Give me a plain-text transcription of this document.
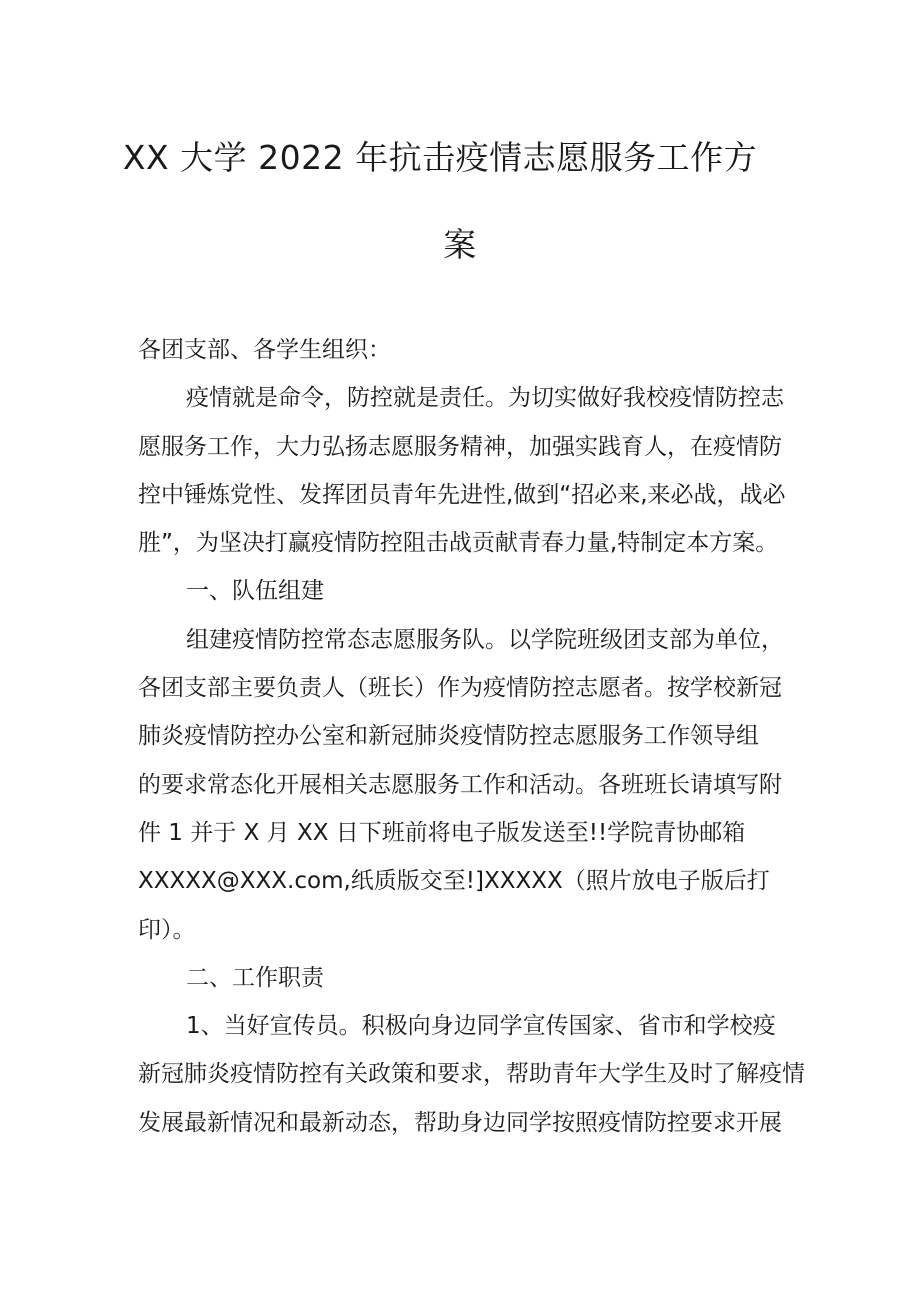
XX 大学 2022 年抗击疫情志愿服务工作方
案
各团支部、各学生组织：
疫情就是命令，防控就是责任。为切实做好我校疫情防控志
愿服务工作，大力弘扬志愿服务精神，加强实践育人，在疫情防
控中锤炼党性、发挥团员青年先进性,做到“招必来,来必战，战必
胜”，为坚决打赢疫情防控阻击战贡献青春力量,特制定本方案。
一、队伍组建
组建疫情防控常态志愿服务队。以学院班级团支部为单位，
各团支部主要负责人（班长）作为疫情防控志愿者。按学校新冠
肺炎疫情防控办公室和新冠肺炎疫情防控志愿服务工作领导组
的要求常态化开展相关志愿服务工作和活动。各班班长请填写附
件 1 并于 X 月 XX 日下班前将电子版发送至!!学院青协邮箱
XXXXX@XXX.com,纸质版交至!]XXXXX（照片放电子版后打
印）。
二、工作职责
1、当好宣传员。积极向身边同学宣传国家、省市和学校疫
新冠肺炎疫情防控有关政策和要求，帮助青年大学生及时了解疫情
发展最新情况和最新动态，帮助身边同学按照疫情防控要求开展
